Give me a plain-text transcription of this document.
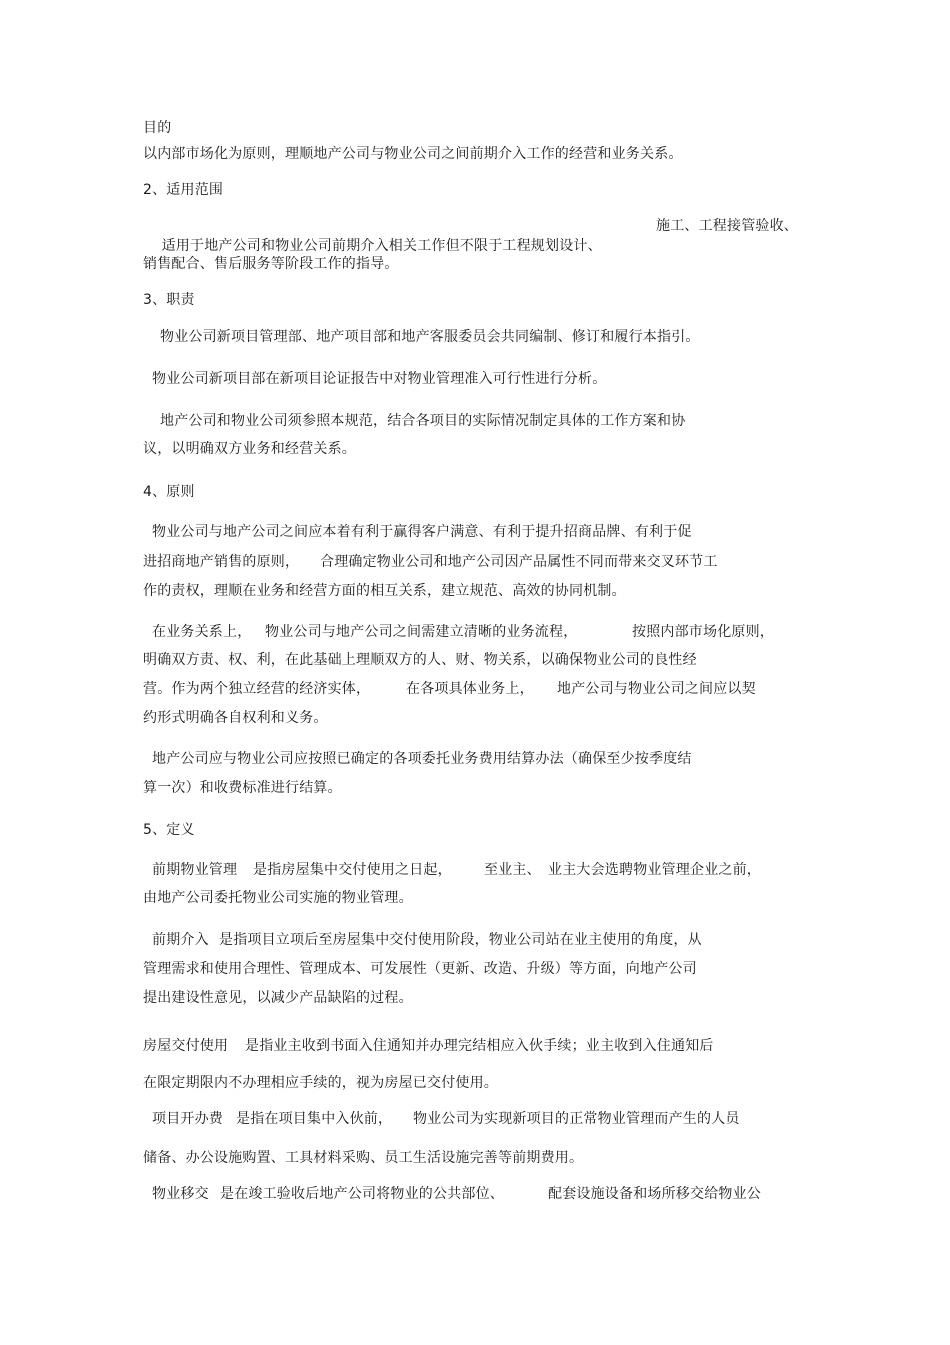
目的
以内部市场化为原则，理顺地产公司与物业公司之间前期介入工作的经营和业务关系。
2、适用范围

适用于地产公司和物业公司前期介入相关工作但不限于工程规划设计、

施工、工程接管验收、
销售配合、售后服务等阶段工作的指导。
3、职责
物业公司新项目管理部、地产项目部和地产客服委员会共同编制、修订和履行本指引。
物业公司新项目部在新项目论证报告中对物业管理准入可行性进行分析。
地产公司和物业公司须参照本规范，结合各项目的实际情况制定具体的工作方案和协
议，以明确双方业务和经营关系。
4、原则
物业公司与地产公司之间应本着有利于赢得客户满意、有利于提升招商品牌、有利于促
进招商地产销售的原则， 合理确定物业公司和地产公司因产品属性不同而带来交叉环节工
作的责权，理顺在业务和经营方面的相互关系，建立规范、高效的协同机制。
在业务关系上， 物业公司与地产公司之间需建立清晰的业务流程，	按照内部市场化原则，
明确双方责、权、利，在此基础上理顺双方的人、财、物关系，以确保物业公司的良性经
营。作为两个独立经营的经济实体，	在各项具体业务上， 地产公司与物业公司之间应以契
约形式明确各自权利和义务。
地产公司应与物业公司应按照已确定的各项委托业务费用结算办法（确保至少按季度结
算一次）和收费标准进行结算。
5、定义
前期物业管理 是指房屋集中交付使用之日起， 至业主、 业主大会选聘物业管理企业之前，
由地产公司委托物业公司实施的物业管理。
前期介入 是指项目立项后至房屋集中交付使用阶段，物业公司站在业主使用的角度，从
管理需求和使用合理性、管理成本、可发展性（更新、改造、升级）等方面，向地产公司
提出建设性意见，以减少产品缺陷的过程。
房屋交付使用 是指业主收到书面入住通知并办理完结相应入伙手续；业主收到入住通知后
在限定期限内不办理相应手续的，视为房屋已交付使用。
项目开办费 是指在项目集中入伙前， 物业公司为实现新项目的正常物业管理而产生的人员
储备、办公设施购置、工具材料采购、员工生活设施完善等前期费用。
物业移交 是在竣工验收后地产公司将物业的公共部位、	配套设施设备和场所移交给物业公
